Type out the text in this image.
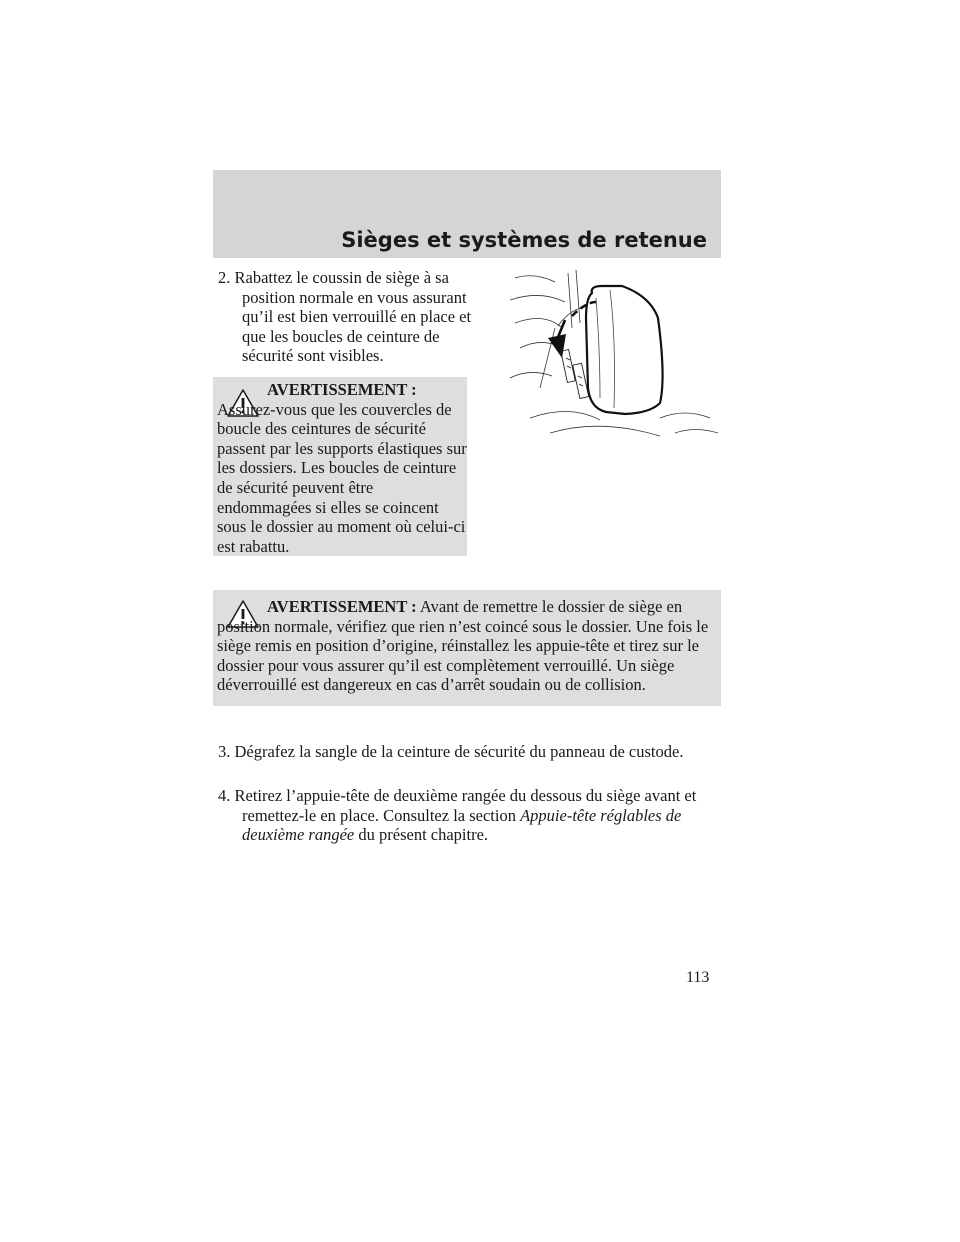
Sièges et systèmes de retenue
2. Rabattez le coussin de siège à sa position normale en vous assurant qu’il est bien verrouillé en place et que les boucles de ceinture de sécurité sont visibles.
AVERTISSEMENT :
Assurez-vous que les couvercles de boucle des ceintures de sécurité passent par les supports élastiques sur les dossiers. Les boucles de ceinture de sécurité peuvent être endommagées si elles se coincent sous le dossier au moment où celui-ci est rabattu.
AVERTISSEMENT : Avant de remettre le dossier de siège en position normale, vérifiez que rien n’est coincé sous le dossier. Une fois le siège remis en position d’origine, réinstallez les appuie-tête et tirez sur le dossier pour vous assurer qu’il est complètement verrouillé. Un siège déverrouillé est dangereux en cas d’arrêt soudain ou de collision.
3. Dégrafez la sangle de la ceinture de sécurité du panneau de custode.
4. Retirez l’appuie-tête de deuxième rangée du dessous du siège avant et remettez-le en place. Consultez la section Appuie-tête réglables de deuxième rangée du présent chapitre.
113
